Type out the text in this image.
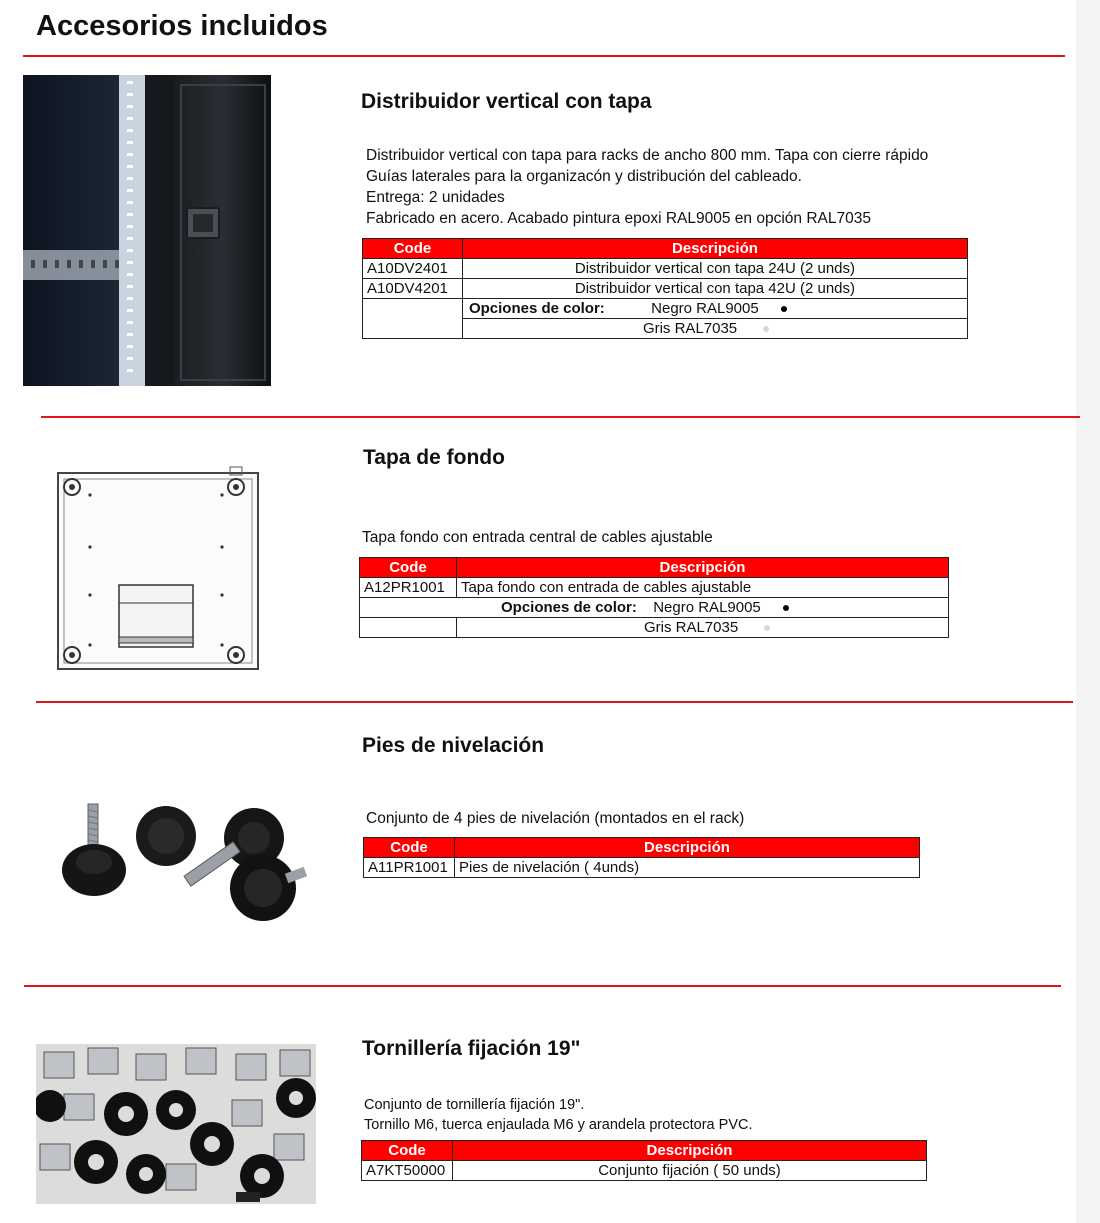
Accesorios incluidos
Distribuidor vertical con tapa
Distribuidor vertical con tapa para racks de ancho 800 mm. Tapa con cierre rápido
Guías laterales para la organizacón y distribución del cableado.
Entrega: 2 unidades
Fabricado en acero. Acabado pintura epoxi RAL9005 en opción RAL7035
Code	Descripción
A10DV2401	Distribuidor vertical con tapa 24U (2 unds)
A10DV4201	Distribuidor vertical con tapa 42U (2 unds)
	Opciones de color: Negro RAL9005
	Gris RAL7035
Tapa de fondo
Tapa fondo con entrada central de cables ajustable
Code	Descripción
A12PR1001	Tapa fondo con entrada de cables ajustable
Opciones de color: Negro RAL9005	
	Gris RAL7035
Pies de nivelación
Conjunto de 4 pies de nivelación (montados en el rack)
Code	Descripción
A11PR1001	Pies de nivelación ( 4unds)
Tornillería fijación 19"
Conjunto de tornillería fijación 19".
Tornillo M6, tuerca enjaulada M6 y arandela protectora PVC.
Code	Descripción
A7KT50000	Conjunto fijación ( 50 unds)
